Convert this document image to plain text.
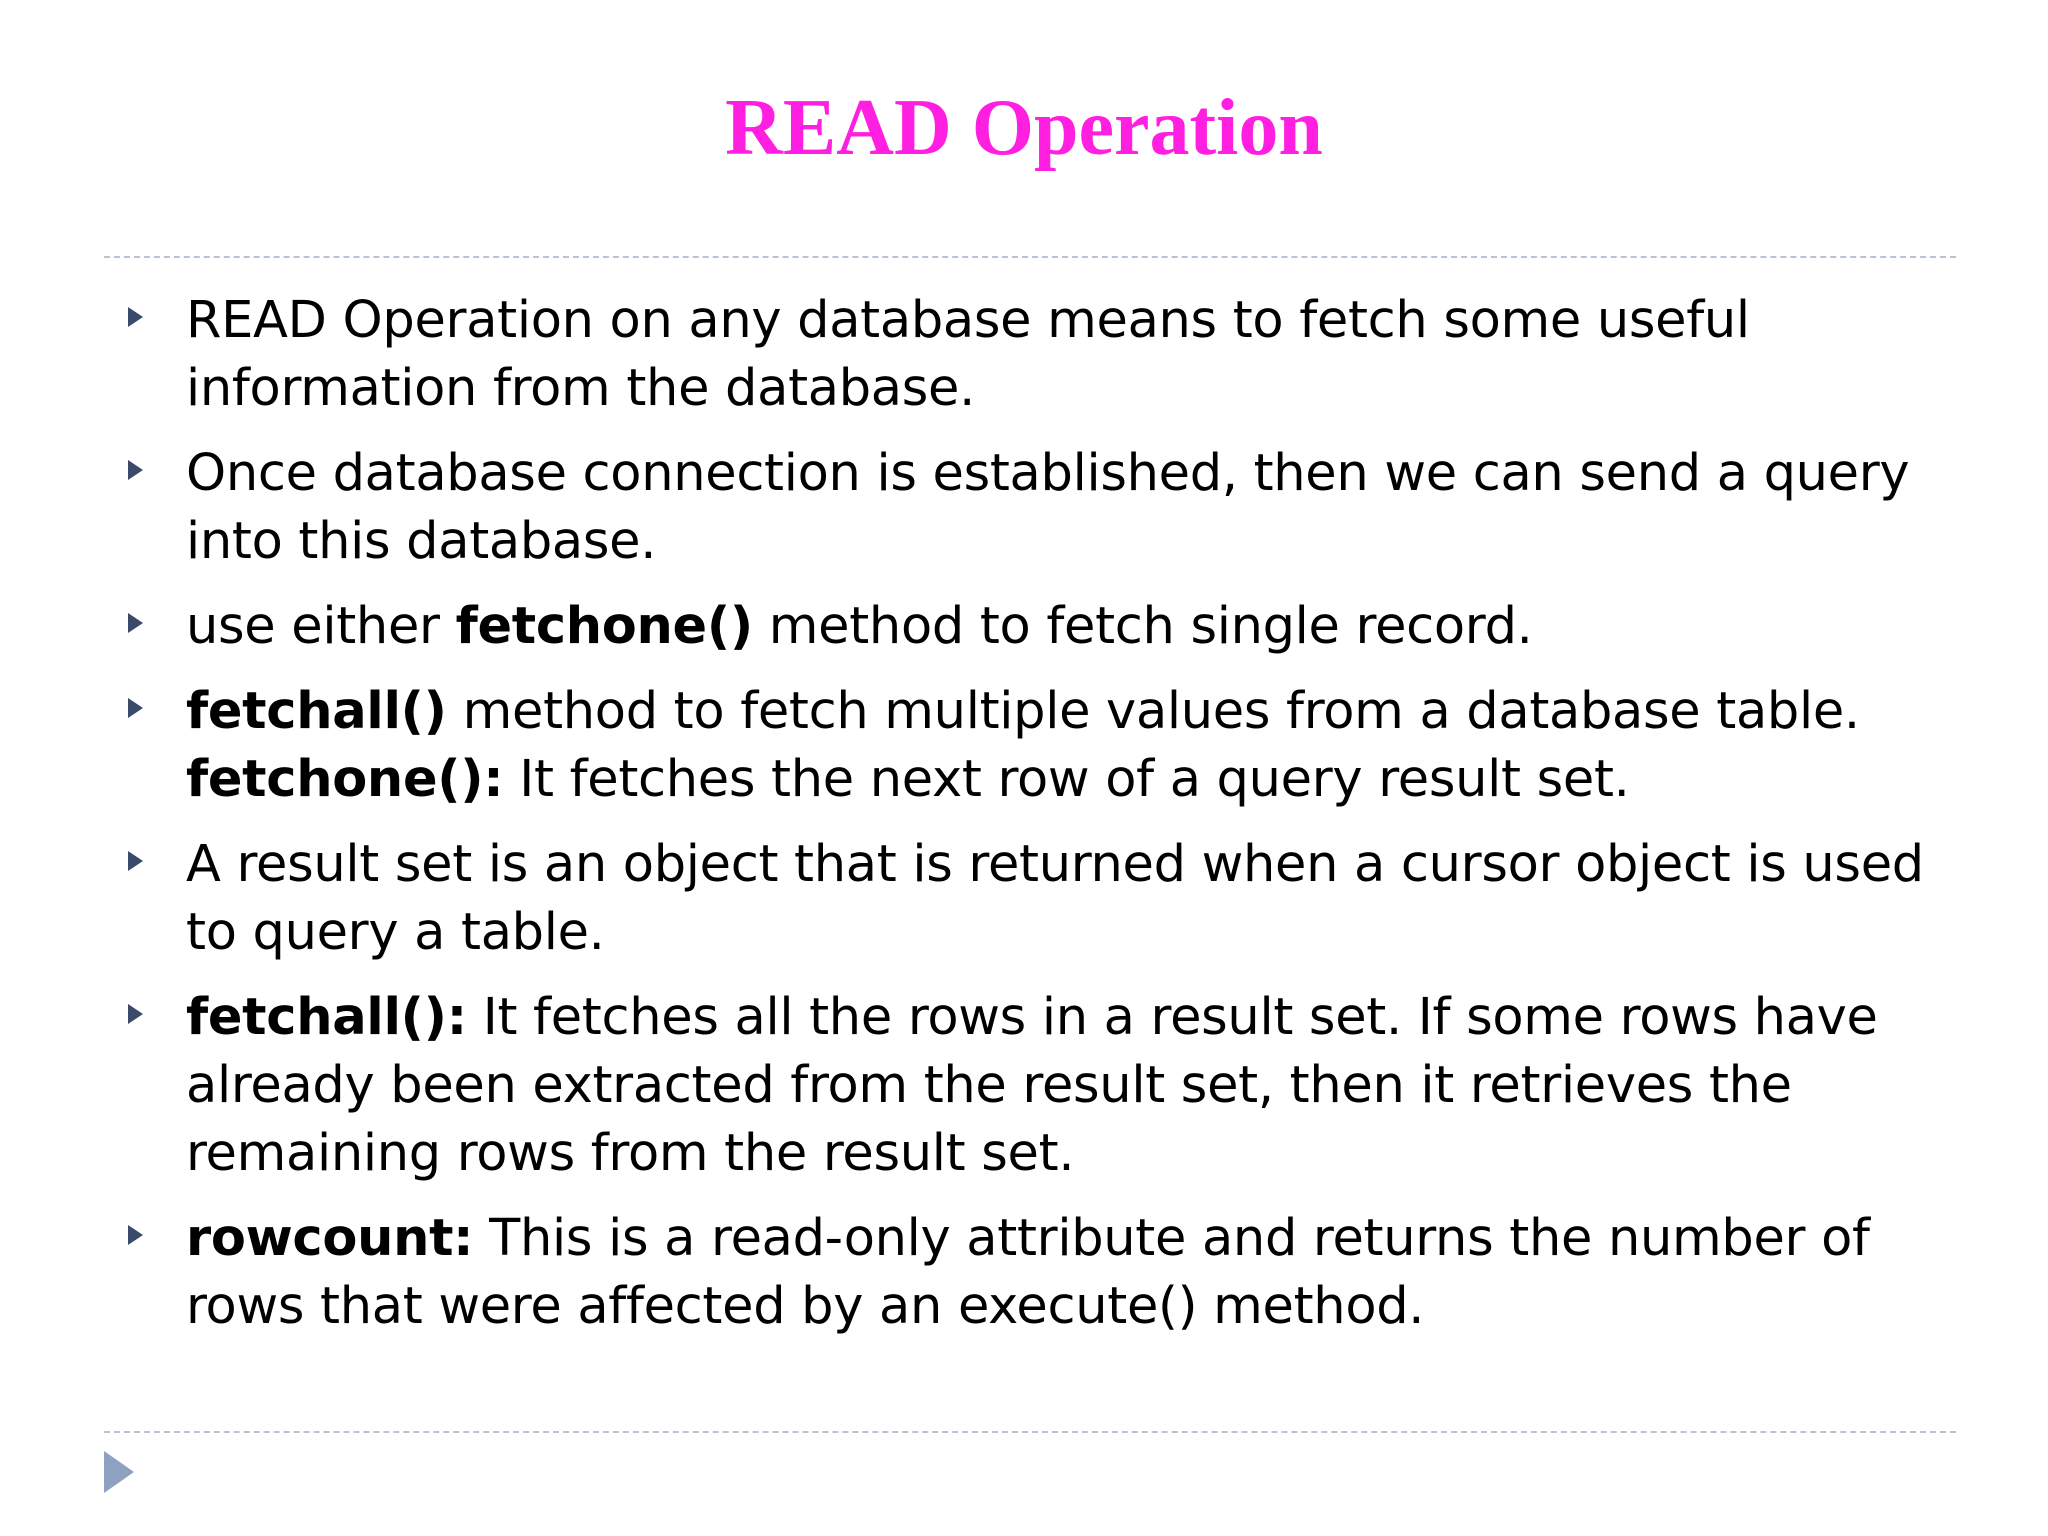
READ Operation
READ Operation on any database means to fetch some useful information from the database.
Once database connection is established, then we can send a query into this database.
use either fetchone() method to fetch single record.
fetchall() method to fetch multiple values from a database table. fetchone(): It fetches the next row of a query result set.
A result set is an object that is returned when a cursor object is used to query a table.
fetchall(): It fetches all the rows in a result set. If some rows have already been extracted from the result set, then it retrieves the remaining rows from the result set.
rowcount: This is a read-only attribute and returns the number of rows that were affected by an execute() method.
